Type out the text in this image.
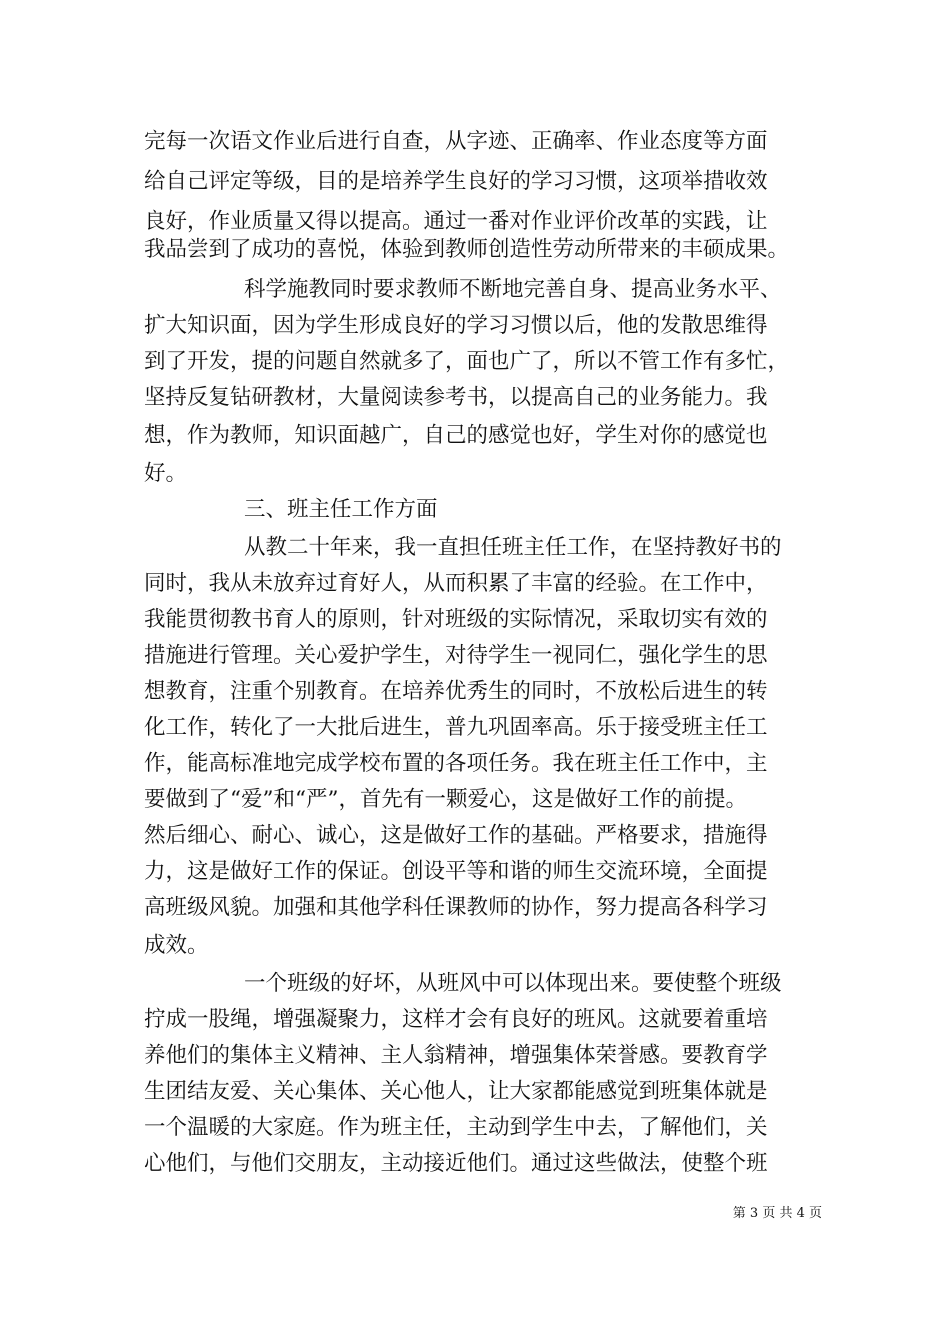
完每一次语文作业后进行自查，从字迹、正确率、作业态度等方面
给自己评定等级，目的是培养学生良好的学习习惯，这项举措收效
良好，作业质量又得以提高。通过一番对作业评价改革的实践，让
我品尝到了成功的喜悦，体验到教师创造性劳动所带来的丰硕成果。
科学施教同时要求教师不断地完善自身、提高业务水平、
扩大知识面，因为学生形成良好的学习习惯以后，他的发散思维得
到了开发，提的问题自然就多了，面也广了，所以不管工作有多忙，
坚持反复钻研教材，大量阅读参考书，以提高自己的业务能力。我
想，作为教师，知识面越广，自己的感觉也好，学生对你的感觉也
好。
三、班主任工作方面
从教二十年来，我一直担任班主任工作，在坚持教好书的
同时，我从未放弃过育好人，从而积累了丰富的经验。在工作中，
我能贯彻教书育人的原则，针对班级的实际情况，采取切实有效的
措施进行管理。关心爱护学生，对待学生一视同仁，强化学生的思
想教育，注重个别教育。在培养优秀生的同时，不放松后进生的转
化工作，转化了一大批后进生，普九巩固率高。乐于接受班主任工
作，能高标准地完成学校布置的各项任务。我在班主任工作中，主
要做到了“爱”和“严”，首先有一颗爱心，这是做好工作的前提。
然后细心、耐心、诚心，这是做好工作的基础。严格要求，措施得
力，这是做好工作的保证。创设平等和谐的师生交流环境，全面提
高班级风貌。加强和其他学科任课教师的协作，努力提高各科学习
成效。
一个班级的好坏，从班风中可以体现出来。要使整个班级
拧成一股绳，增强凝聚力，这样才会有良好的班风。这就要着重培
养他们的集体主义精神、主人翁精神，增强集体荣誉感。要教育学
生团结友爱、关心集体、关心他人，让大家都能感觉到班集体就是
一个温暖的大家庭。作为班主任，主动到学生中去，了解他们，关
心他们，与他们交朋友，主动接近他们。通过这些做法，使整个班
第 3 页 共 4 页
